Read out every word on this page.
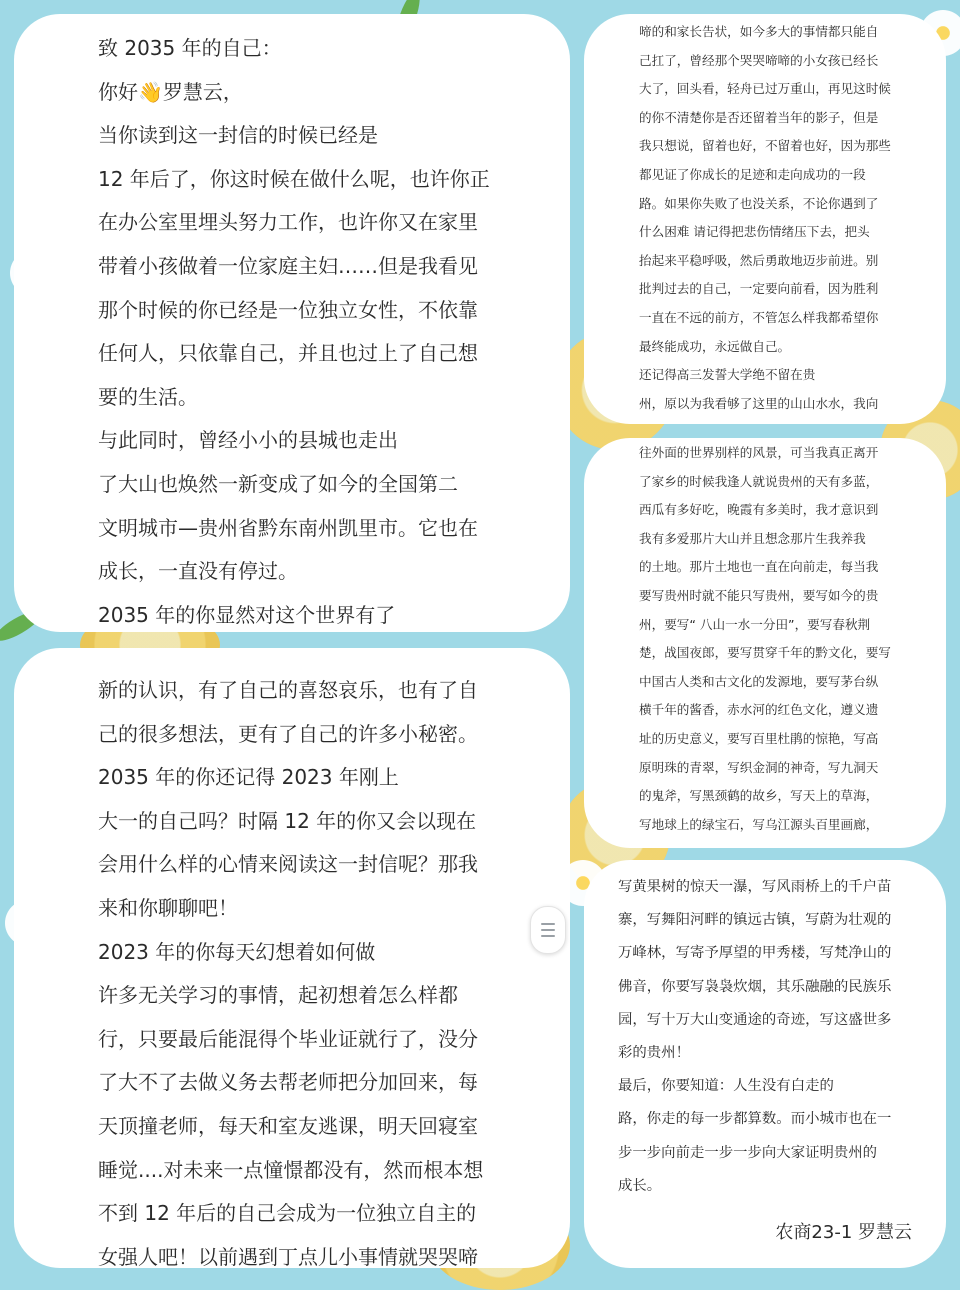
致 2035 年的自己：

你好👋罗慧云，

当你读到这一封信的时候已经是

12 年后了，你这时候在做什么呢，也许你正

在办公室里埋头努力工作，也许你又在家里

带着小孩做着一位家庭主妇……但是我看见

那个时候的你已经是一位独立女性，不依靠

任何人，只依靠自己，并且也过上了自己想

要的生活。

与此同时，曾经小小的县城也走出

了大山也焕然一新变成了如今的全国第二

文明城市—贵州省黔东南州凯里市。它也在

成长，一直没有停过。

2035 年的你显然对这个世界有了

新的认识，有了自己的喜怒哀乐，也有了自

己的很多想法，更有了自己的许多小秘密。

2035 年的你还记得 2023 年刚上

大一的自己吗？时隔 12 年的你又会以现在

会用什么样的心情来阅读这一封信呢？那我

来和你聊聊吧！

2023 年的你每天幻想着如何做

许多无关学习的事情，起初想着怎么样都

行，只要最后能混得个毕业证就行了，没分

了大不了去做义务去帮老师把分加回来，每

天顶撞老师，每天和室友逃课，明天回寝室

睡觉....对未来一点憧憬都没有，然而根本想

不到 12 年后的自己会成为一位独立自主的

女强人吧！以前遇到丁点儿小事情就哭哭啼

啼的和家长告状，如今多大的事情都只能自

己扛了，曾经那个哭哭啼啼的小女孩已经长

大了，回头看，轻舟已过万重山，再见这时候

的你不清楚你是否还留着当年的影子，但是

我只想说，留着也好，不留着也好，因为那些

都见证了你成长的足迹和走向成功的一段

路。如果你失败了也没关系，不论你遇到了

什么困难 请记得把悲伤情绪压下去，把头

抬起来平稳呼吸，然后勇敢地迈步前进。别

批判过去的自己，一定要向前看，因为胜利

一直在不远的前方，不管怎么样我都希望你

最终能成功，永远做自己。

还记得高三发誓大学绝不留在贵

州，原以为我看够了这里的山山水水，我向

往外面的世界别样的风景，可当我真正离开

了家乡的时候我逢人就说贵州的天有多蓝，

西瓜有多好吃，晚霞有多美时，我才意识到

我有多爱那片大山并且想念那片生我养我

的土地。那片土地也一直在向前走，每当我

要写贵州时就不能只写贵州，要写如今的贵

州，要写“ 八山一水一分田”，要写春秋荆

楚，战国夜郎，要写贯穿千年的黔文化，要写

中国古人类和古文化的发源地，要写茅台纵

横千年的酱香，赤水河的红色文化，遵义遗

址的历史意义，要写百里杜鹃的惊艳，写高

原明珠的青翠，写织金洞的神奇，写九洞天

的鬼斧，写黑颈鹤的故乡，写天上的草海，

写地球上的绿宝石，写乌江源头百里画廊，

写黄果树的惊天一瀑，写风雨桥上的千户苗

寨，写舞阳河畔的镇远古镇，写蔚为壮观的

万峰林，写寄予厚望的甲秀楼，写梵净山的

佛音，你要写袅袅炊烟，其乐融融的民族乐

园，写十万大山变通途的奇迹，写这盛世多

彩的贵州！

最后，你要知道：人生没有白走的

路，你走的每一步都算数。而小城市也在一

步一步向前走一步一步向大家证明贵州的

成长。

农商23-1 罗慧云
